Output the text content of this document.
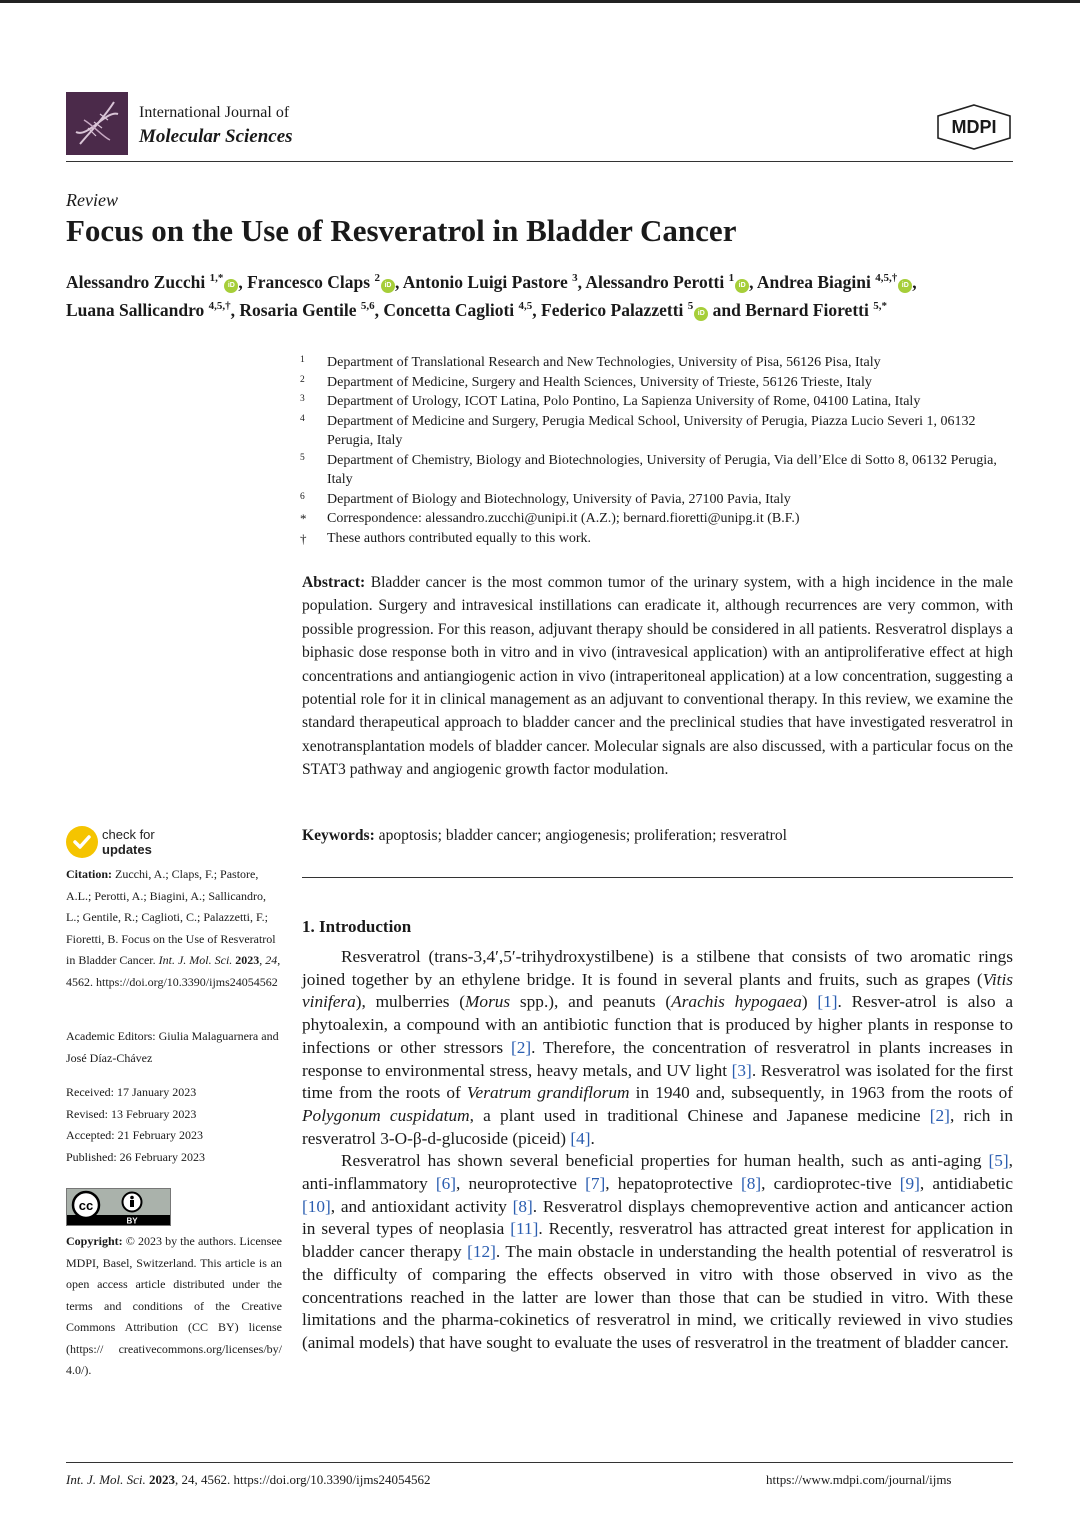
International Journal of
Molecular Sciences	MDPI
Review
Focus on the Use of Resveratrol in Bladder Cancer
Alessandro Zucchi $^{1,*}$iD , Francesco Claps $^2$iD , Antonio Luigi Pastore $^3$, Alessandro Perotti $^1$iD , Andrea Biagini $^{4,5,\dagger}$iD ,
Luana Sallicandro $^{4,5,\dagger}$, Rosaria Gentile $^{5,6}$, Concetta Caglioti $^{4,5}$, Federico Palazzetti $^5$iD and Bernard Fioretti $^{5,*}$
1	Department of Translational Research and New Technologies, University of Pisa, 56126 Pisa, Italy
2	Department of Medicine, Surgery and Health Sciences, University of Trieste, 56126 Trieste, Italy
3	Department of Urology, ICOT Latina, Polo Pontino, La Sapienza University of Rome, 04100 Latina, Italy
4	Department of Medicine and Surgery, Perugia Medical School, University of Perugia, Piazza Lucio Severi 1, 06132 Perugia, Italy
5	Department of Chemistry, Biology and Biotechnologies, University of Perugia, Via dell’Elce di Sotto 8, 06132 Perugia, Italy
6	Department of Biology and Biotechnology, University of Pavia, 27100 Pavia, Italy
*	Correspondence: alessandro.zucchi@unipi.it (A.Z.); bernard.fioretti@unipg.it (B.F.)
†	These authors contributed equally to this work.
Abstract: Bladder cancer is the most common tumor of the urinary system, with a high incidence in the male population. Surgery and intravesical instillations can eradicate it, although recurrences are very common, with possible progression. For this reason, adjuvant therapy should be considered in all patients. Resveratrol displays a biphasic dose response both in vitro and in vivo (intravesical application) with an antiproliferative effect at high concentrations and antiangiogenic action in vivo (intraperitoneal application) at a low concentration, suggesting a potential role for it in clinical management as an adjuvant to conventional therapy. In this review, we examine the standard therapeutical approach to bladder cancer and the preclinical studies that have investigated resveratrol in xenotransplantation models of bladder cancer. Molecular signals are also discussed, with a particular focus on the STAT3 pathway and angiogenic growth factor modulation.
Keywords: apoptosis; bladder cancer; angiogenesis; proliferation; resveratrol
check for
updates
Citation: Zucchi, A.; Claps, F.; Pastore, A.L.; Perotti, A.; Biagini, A.; Sallicandro, L.; Gentile, R.; Caglioti, C.; Palazzetti, F.; Fioretti, B. Focus on the Use of Resveratrol in Bladder Cancer. Int. J. Mol. Sci. 2023, 24, 4562. https://doi.org/10.3390/ijms24054562
Academic Editors: Giulia Malaguarnera and José Díaz-Chávez
Received: 17 January 2023
Revised: 13 February 2023
Accepted: 21 February 2023
Published: 26 February 2023
cc
BY
Copyright: © 2023 by the authors. Licensee MDPI, Basel, Switzerland. This article is an open access article distributed under the terms and conditions of the Creative Commons Attribution (CC BY) license (https:// creativecommons.org/licenses/by/ 4.0/).
1. Introduction

Resveratrol (trans-3,4′,5′-trihydroxystilbene) is a stilbene that consists of two aromatic rings joined together by an ethylene bridge. It is found in several plants and fruits, such as grapes (Vitis vinifera), mulberries (Morus spp.), and peanuts (Arachis hypogaea) [1]. Resver-atrol is also a phytoalexin, a compound with an antibiotic function that is produced by higher plants in response to infections or other stressors [2]. Therefore, the concentration of resveratrol in plants increases in response to environmental stress, heavy metals, and UV light [3]. Resveratrol was isolated for the first time from the roots of Veratrum grandiflorum in 1940 and, subsequently, in 1963 from the roots of Polygonum cuspidatum, a plant used in traditional Chinese and Japanese medicine [2], rich in resveratrol 3-O-β-d-glucoside (piceid) [4].

Resveratrol has shown several beneficial properties for human health, such as anti-aging [5], anti-inflammatory [6], neuroprotective [7], hepatoprotective [8], cardioprotec-tive [9], antidiabetic [10], and antioxidant activity [8]. Resveratrol displays chemopreventive action and anticancer action in several types of neoplasia [11]. Recently, resveratrol has attracted great interest for application in bladder cancer therapy [12]. The main obstacle in understanding the health potential of resveratrol is the difficulty of comparing the effects observed in vitro with those observed in vivo as the concentrations reached in the latter are lower than those that can be studied in vitro. With these limitations and the pharma-cokinetics of resveratrol in mind, we critically reviewed in vivo studies (animal models) that have sought to evaluate the uses of resveratrol in the treatment of bladder cancer.

Int. J. Mol. Sci. 2023, 24, 4562. https://doi.org/10.3390/ijms24054562	https://www.mdpi.com/journal/ijms
